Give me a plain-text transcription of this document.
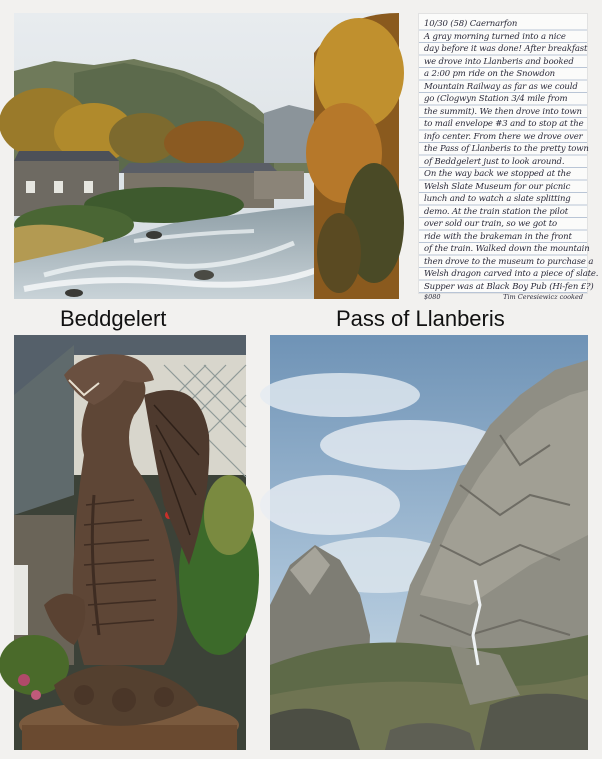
10/30 (58) Caernarfon
A gray morning turned into a nice
day before it was done! After breakfast
we drove into Llanberis and booked
a 2:00 pm ride on the Snowdon
Mountain Railway as far as we could
go (Clogwyn Station 3/4 mile from
the summit). We then drove into town
to mail envelope #3 and to stop at the
info center. From there we drove over
the Pass of Llanberis to the pretty town
of Beddgelert just to look around.
On the way back we stopped at the
Welsh Slate Museum for our picnic
lunch and to watch a slate splitting
demo. At the train station the pilot
over sold our train, so we got to
ride with the brakeman in the front
of the train. Walked down the mountain
then drove to the museum to purchase a
Welsh dragon carved into a piece of slate.
Supper was at Black Boy Pub (Hi-fen £?)
$080	Tim Ceresiewicz cooked
Beddgelert	Pass of Llanberis
